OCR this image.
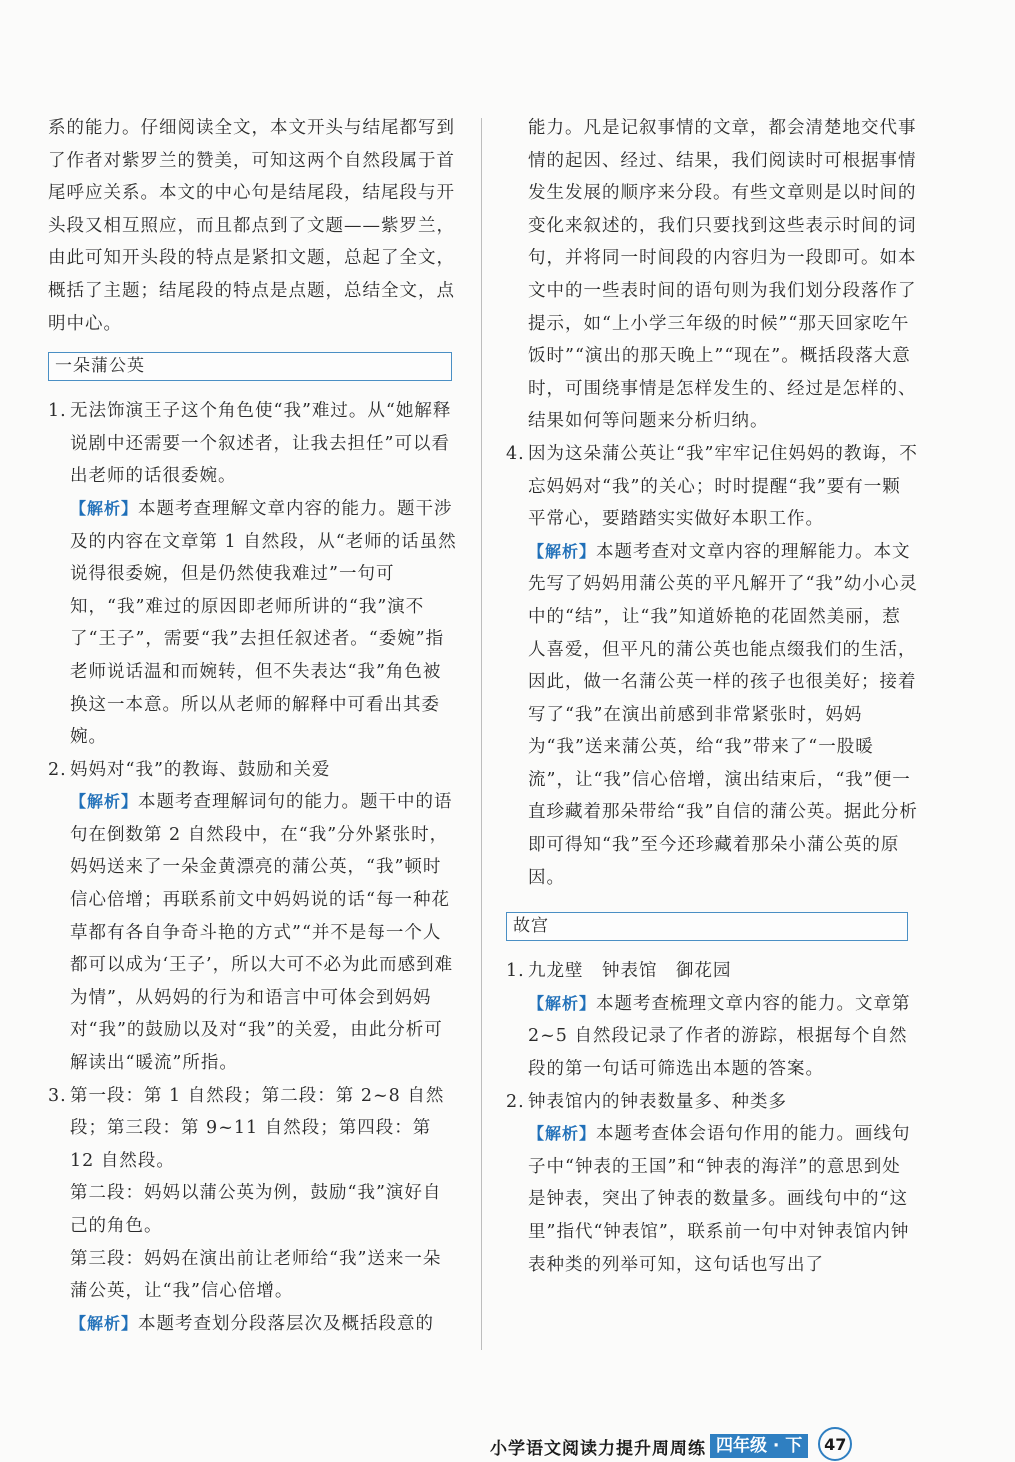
系的能力。仔细阅读全文，本文开头与结尾都写到了作者对紫罗兰的赞美，可知这两个自然段属于首尾呼应关系。本文的中心句是结尾段，结尾段与开头段又相互照应，而且都点到了文题——紫罗兰，由此可知开头段的特点是紧扣文题，总起了全文，概括了主题；结尾段的特点是点题，总结全文，点明中心。
一朵蒲公英
1. 无法饰演王子这个角色使“我”难过。从“她解释说剧中还需要一个叙述者，让我去担任”可以看出老师的话很委婉。
【解析】本题考查理解文章内容的能力。题干涉及的内容在文章第 1 自然段，从“老师的话虽然说得很委婉，但是仍然使我难过”一句可知，“我”难过的原因即老师所讲的“我”演不了“王子”，需要“我”去担任叙述者。“委婉”指老师说话温和而婉转，但不失表达“我”角色被换这一本意。所以从老师的解释中可看出其委婉。
2. 妈妈对“我”的教诲、鼓励和关爱
【解析】本题考查理解词句的能力。题干中的语句在倒数第 2 自然段中，在“我”分外紧张时，妈妈送来了一朵金黄漂亮的蒲公英，“我”顿时信心倍增；再联系前文中妈妈说的话“每一种花草都有各自争奇斗艳的方式”“并不是每一个人都可以成为‘王子’，所以大可不必为此而感到难为情”，从妈妈的行为和语言中可体会到妈妈对“我”的鼓励以及对“我”的关爱，由此分析可解读出“暖流”所指。
3. 第一段：第 1 自然段；第二段：第 2~8 自然段；第三段：第 9~11 自然段；第四段：第 12 自然段。
第二段：妈妈以蒲公英为例，鼓励“我”演好自己的角色。
第三段：妈妈在演出前让老师给“我”送来一朵蒲公英，让“我”信心倍增。
【解析】本题考查划分段落层次及概括段意的
能力。凡是记叙事情的文章，都会清楚地交代事情的起因、经过、结果，我们阅读时可根据事情发生发展的顺序来分段。有些文章则是以时间的变化来叙述的，我们只要找到这些表示时间的词句，并将同一时间段的内容归为一段即可。如本文中的一些表时间的语句则为我们划分段落作了提示，如“上小学三年级的时候”“那天回家吃午饭时”“演出的那天晚上”“现在”。概括段落大意时，可围绕事情是怎样发生的、经过是怎样的、结果如何等问题来分析归纳。
4. 因为这朵蒲公英让“我”牢牢记住妈妈的教诲，不忘妈妈对“我”的关心；时时提醒“我”要有一颗平常心，要踏踏实实做好本职工作。
【解析】本题考查对文章内容的理解能力。本文先写了妈妈用蒲公英的平凡解开了“我”幼小心灵中的“结”，让“我”知道娇艳的花固然美丽，惹人喜爱，但平凡的蒲公英也能点缀我们的生活，因此，做一名蒲公英一样的孩子也很美好；接着写了“我”在演出前感到非常紧张时，妈妈为“我”送来蒲公英，给“我”带来了“一股暖流”，让“我”信心倍增，演出结束后，“我”便一直珍藏着那朵带给“我”自信的蒲公英。据此分析即可得知“我”至今还珍藏着那朵小蒲公英的原因。
故宫
1. 九龙壁　钟表馆　御花园
【解析】本题考查梳理文章内容的能力。文章第 2~5 自然段记录了作者的游踪，根据每个自然段的第一句话可筛选出本题的答案。
2. 钟表馆内的钟表数量多、种类多
【解析】本题考查体会语句作用的能力。画线句子中“钟表的王国”和“钟表的海洋”的意思到处是钟表，突出了钟表的数量多。画线句中的“这里”指代“钟表馆”，联系前一句中对钟表馆内钟表种类的列举可知，这句话也写出了
小学语文阅读力提升周周练 四年级 · 下	47
